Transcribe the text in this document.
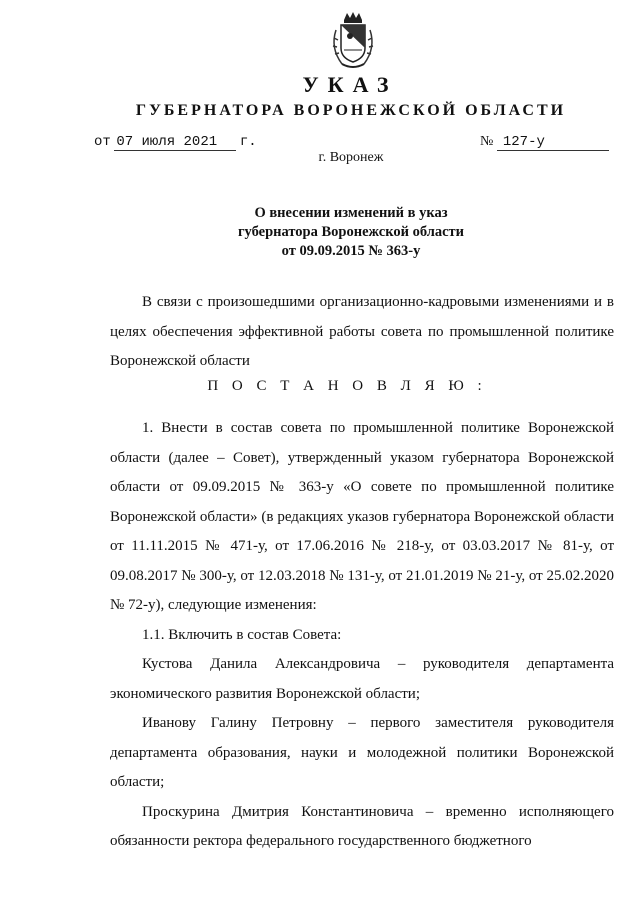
УКАЗ
ГУБЕРНАТОРА ВОРОНЕЖСКОЙ ОБЛАСТИ
от 07 июля 2021 г.	№ 127-у
г. Воронеж
О внесении изменений в указ
губернатора Воронежской области
от 09.09.2015 № 363-у

В связи с произошедшими организационно-кадровыми изменениями и в целях обеспечения эффективной работы совета по промышленной политике Воронежской области

П О С Т А Н О В Л Я Ю :

1. Внести в состав совета по промышленной политике Воронежской области (далее – Совет), утвержденный указом губернатора Воронежской области от 09.09.2015 № 363-у «О совете по промышленной политике Воронежской области» (в редакциях указов губернатора Воронежской области от 11.11.2015 № 471-у, от 17.06.2016 № 218-у, от 03.03.2017 № 81-у, от 09.08.2017 № 300-у, от 12.03.2018 № 131-у, от 21.01.2019 № 21-у, от 25.02.2020 № 72-у), следующие изменения:

1.1. Включить в состав Совета:

Кустова Данила Александровича – руководителя департамента экономического развития Воронежской области;

Иванову Галину Петровну – первого заместителя руководителя департамента образования, науки и молодежной политики Воронежской области;

Проскурина Дмитрия Константиновича – временно исполняющего обязанности ректора федерального государственного бюджетного
